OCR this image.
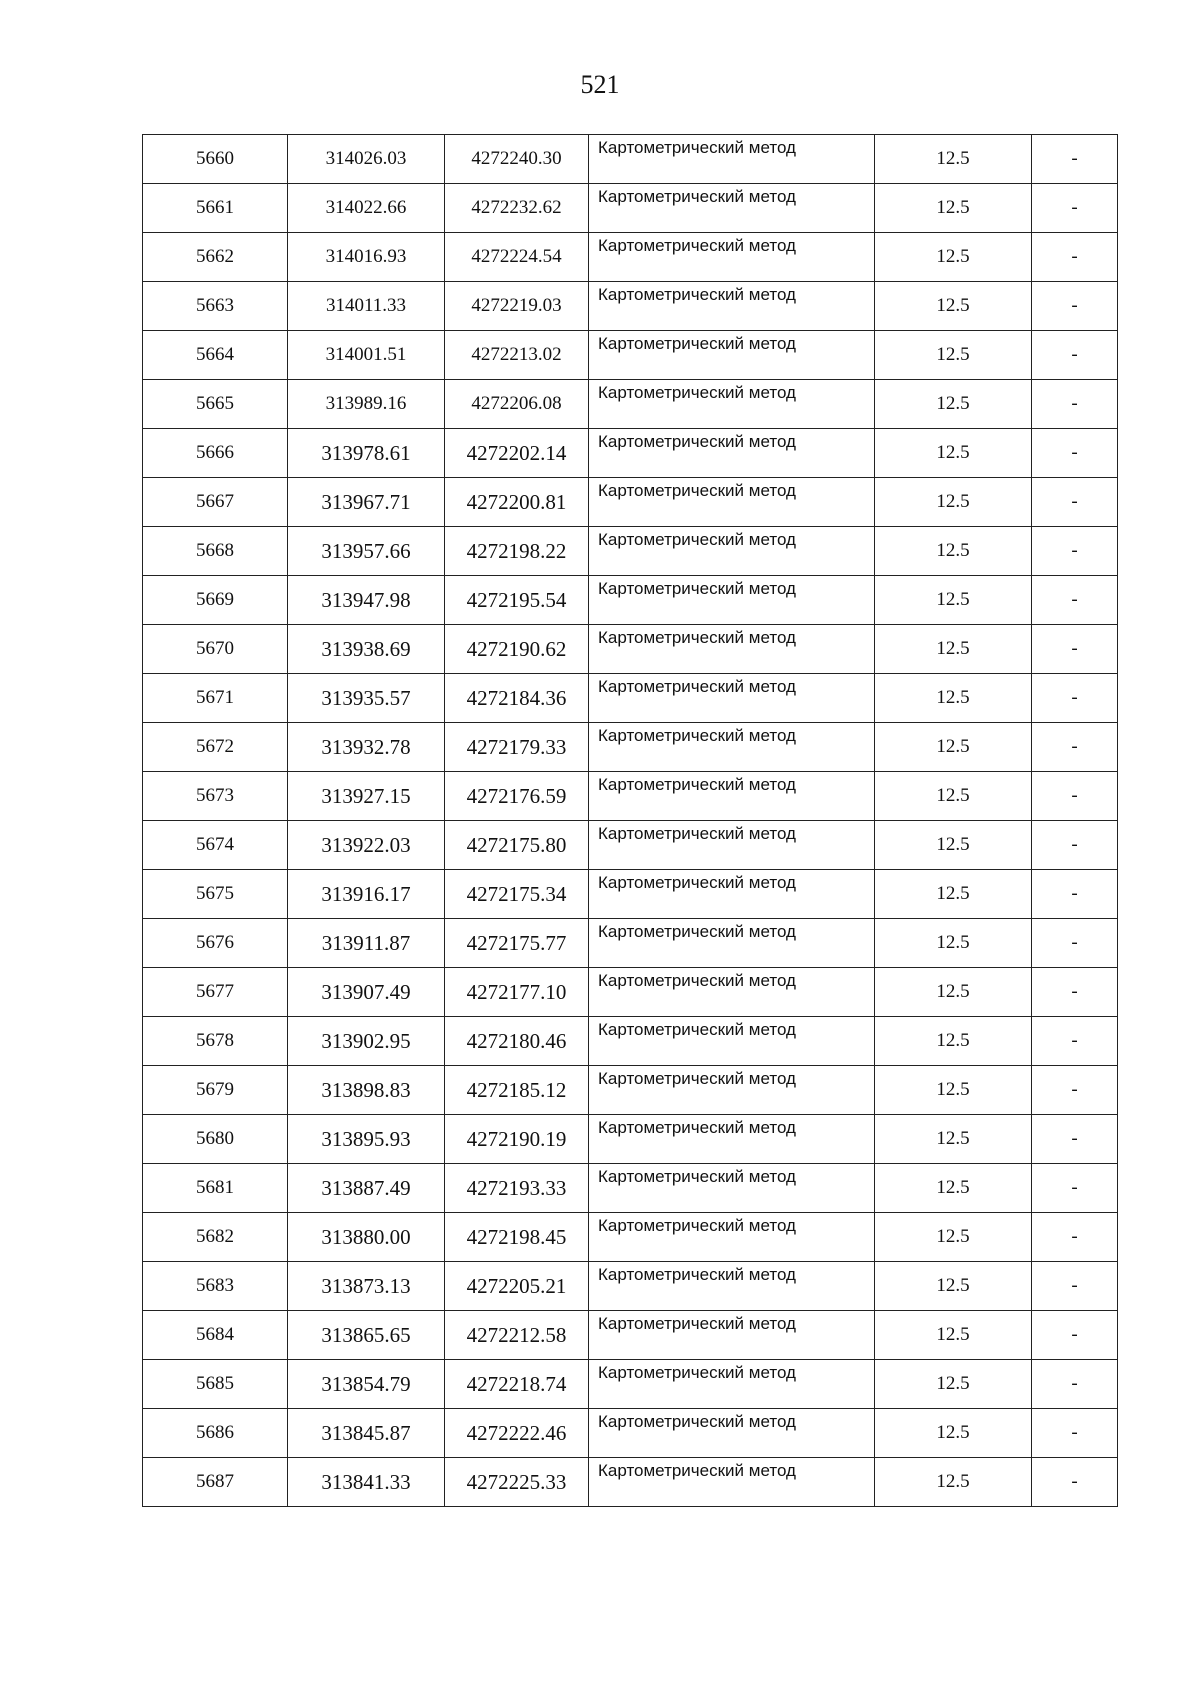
521
5660	314026.03	4272240.30	Картометрический метод	12.5	-
5661	314022.66	4272232.62	Картометрический метод	12.5	-
5662	314016.93	4272224.54	Картометрический метод	12.5	-
5663	314011.33	4272219.03	Картометрический метод	12.5	-
5664	314001.51	4272213.02	Картометрический метод	12.5	-
5665	313989.16	4272206.08	Картометрический метод	12.5	-
5666	313978.61	4272202.14	Картометрический метод	12.5	-
5667	313967.71	4272200.81	Картометрический метод	12.5	-
5668	313957.66	4272198.22	Картометрический метод	12.5	-
5669	313947.98	4272195.54	Картометрический метод	12.5	-
5670	313938.69	4272190.62	Картометрический метод	12.5	-
5671	313935.57	4272184.36	Картометрический метод	12.5	-
5672	313932.78	4272179.33	Картометрический метод	12.5	-
5673	313927.15	4272176.59	Картометрический метод	12.5	-
5674	313922.03	4272175.80	Картометрический метод	12.5	-
5675	313916.17	4272175.34	Картометрический метод	12.5	-
5676	313911.87	4272175.77	Картометрический метод	12.5	-
5677	313907.49	4272177.10	Картометрический метод	12.5	-
5678	313902.95	4272180.46	Картометрический метод	12.5	-
5679	313898.83	4272185.12	Картометрический метод	12.5	-
5680	313895.93	4272190.19	Картометрический метод	12.5	-
5681	313887.49	4272193.33	Картометрический метод	12.5	-
5682	313880.00	4272198.45	Картометрический метод	12.5	-
5683	313873.13	4272205.21	Картометрический метод	12.5	-
5684	313865.65	4272212.58	Картометрический метод	12.5	-
5685	313854.79	4272218.74	Картометрический метод	12.5	-
5686	313845.87	4272222.46	Картометрический метод	12.5	-
5687	313841.33	4272225.33	Картометрический метод	12.5	-
